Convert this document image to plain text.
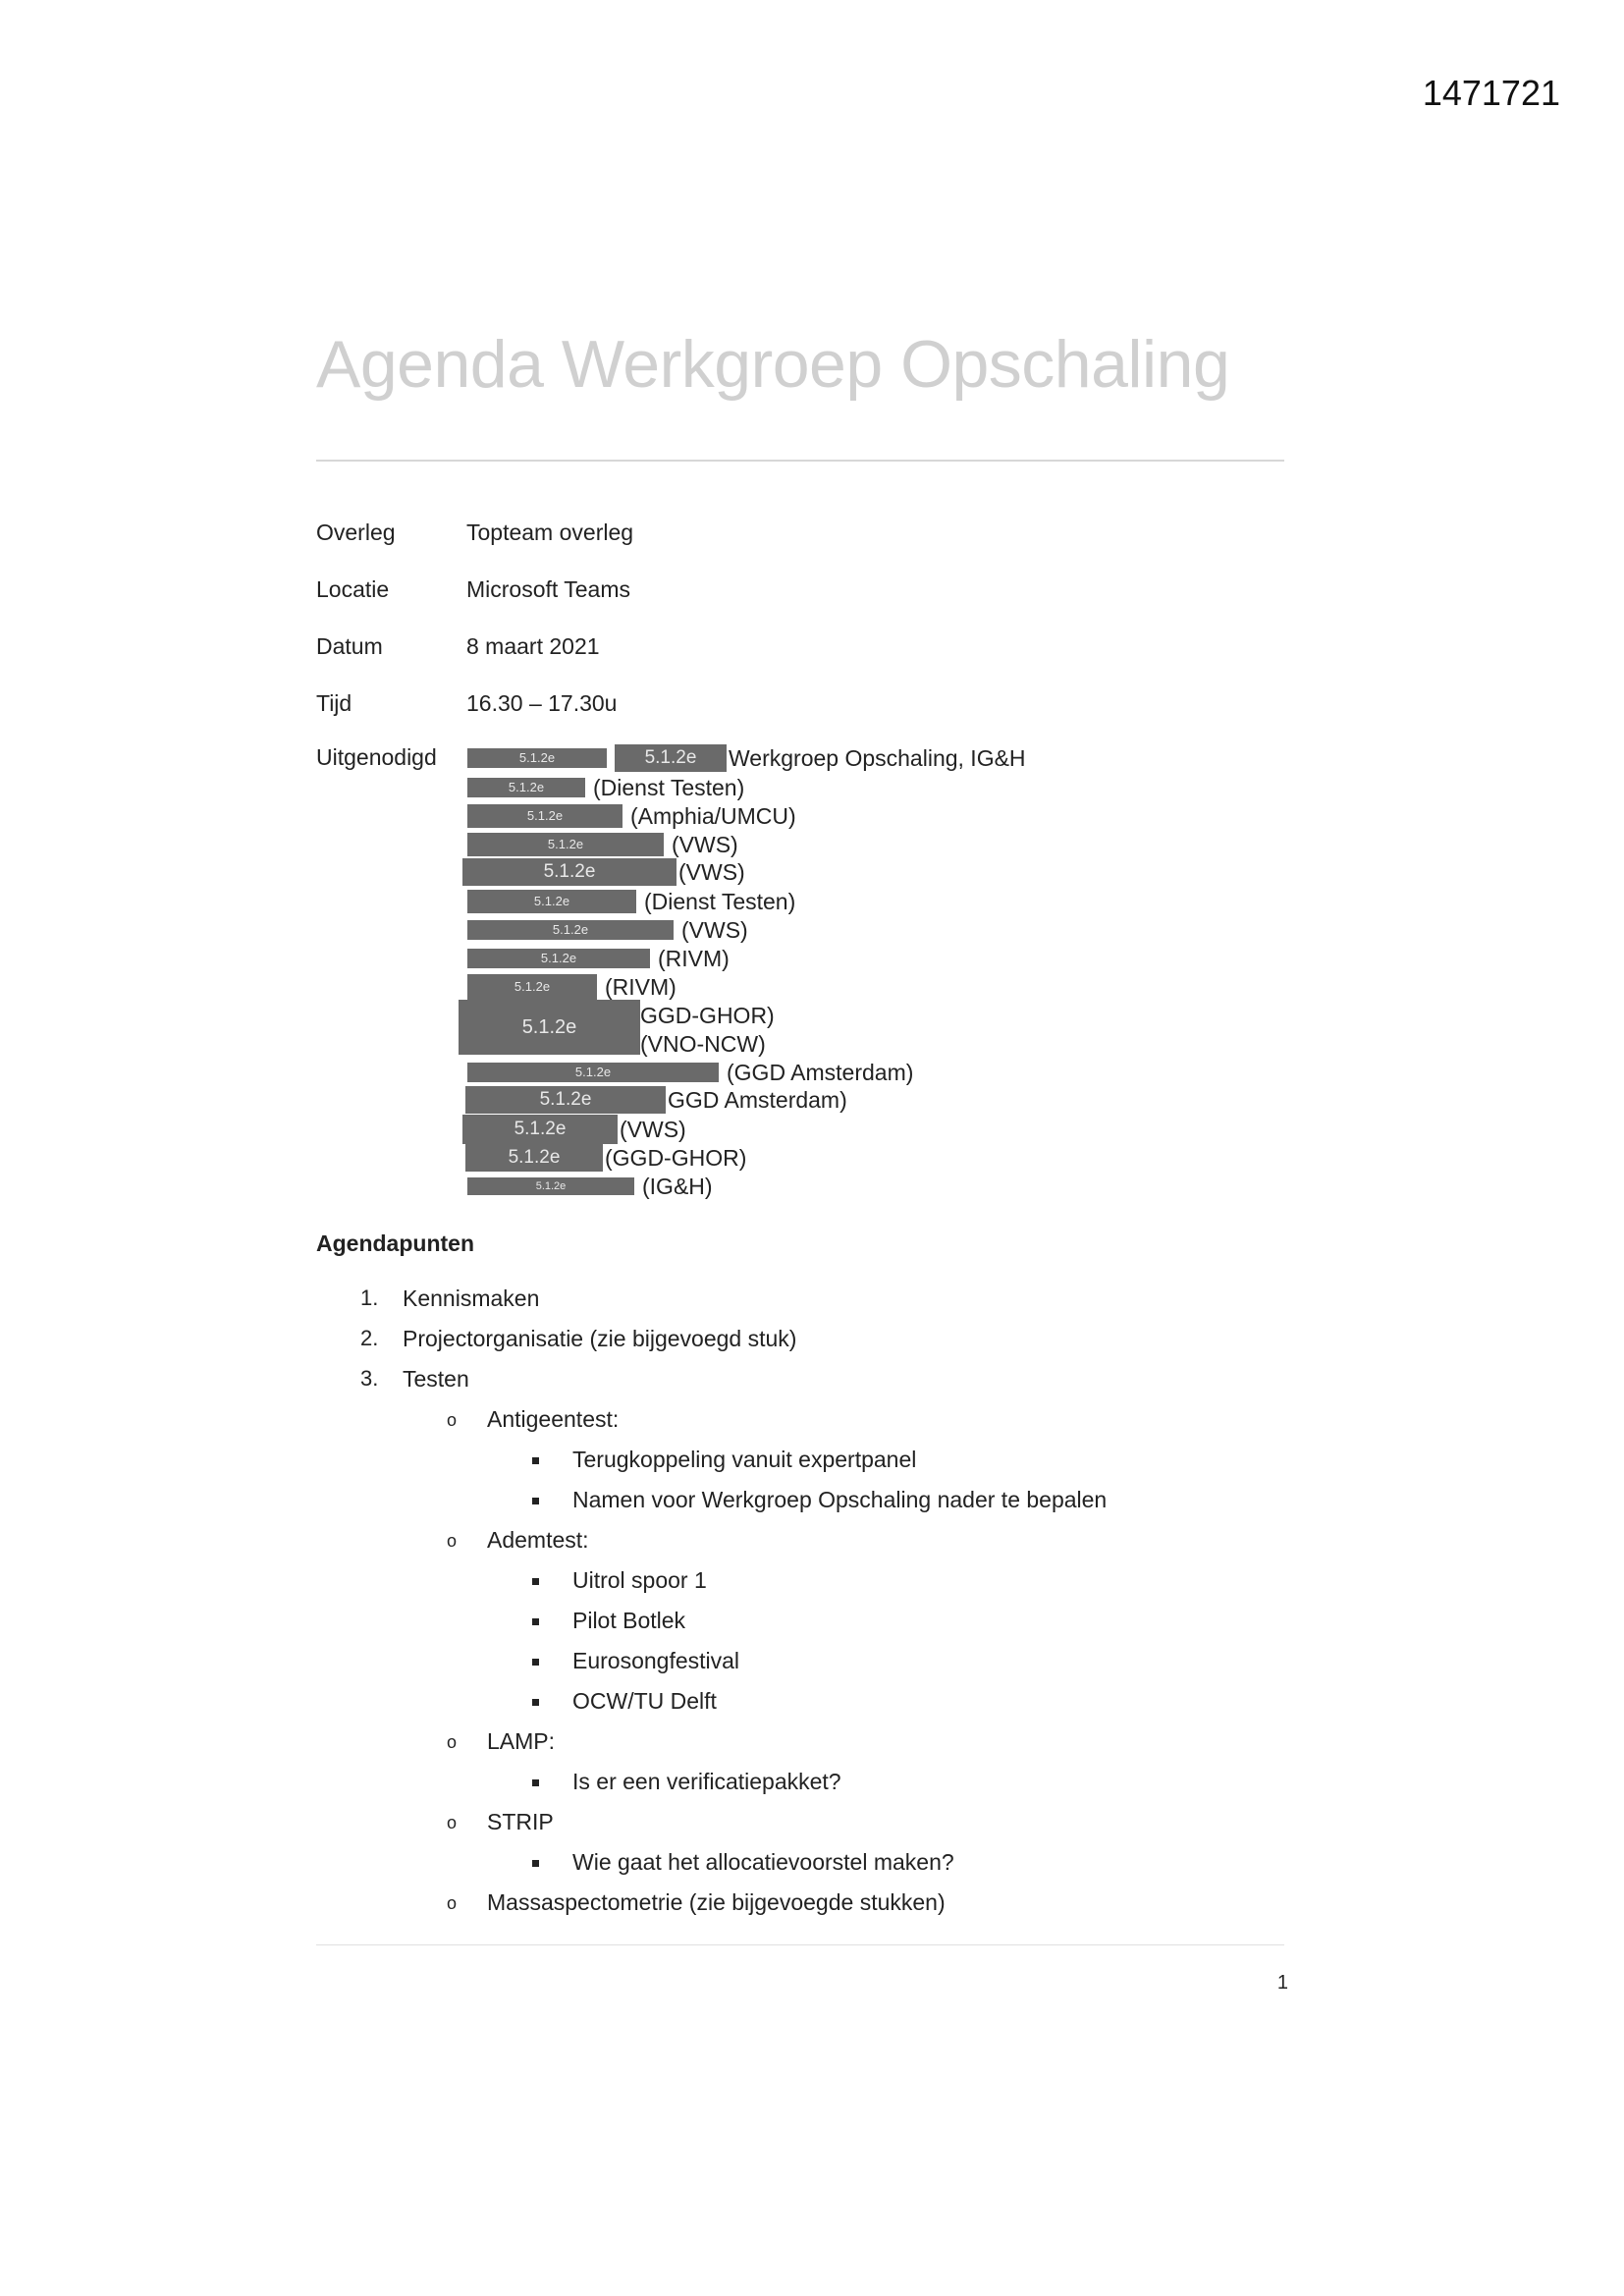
1471721
Agenda Werkgroep Opschaling
Overleg	Topteam overleg
Locatie	Microsoft Teams
Datum	8 maart 2021
Tijd	16.30 – 17.30u
Uitgenodigd	5.1.2e	5.1.2e	Werkgroep Opschaling, IG&H
5.1.2e	(Dienst Testen)
5.1.2e	(Amphia/UMCU)
5.1.2e	(VWS)
5.1.2e	(VWS)
5.1.2e	(Dienst Testen)
5.1.2e	(VWS)
5.1.2e	(RIVM)
5.1.2e	(RIVM)
5.1.2e	GGD-GHOR)
(VNO-NCW)
5.1.2e	(GGD Amsterdam)
5.1.2e	GGD Amsterdam)
5.1.2e	(VWS)
5.1.2e	(GGD-GHOR)
5.1.2e	(IG&H)
Agendapunten
1. Kennismaken
2. Projectorganisatie (zie bijgevoegd stuk)
3. Testen
o Antigeentest:
Terugkoppeling vanuit expertpanel
Namen voor Werkgroep Opschaling nader te bepalen
o Ademtest:
Uitrol spoor 1
Pilot Botlek
Eurosongfestival
OCW/TU Delft
o LAMP:
Is er een verificatiepakket?
o STRIP
Wie gaat het allocatievoorstel maken?
o Massaspectometrie (zie bijgevoegde stukken)
1
